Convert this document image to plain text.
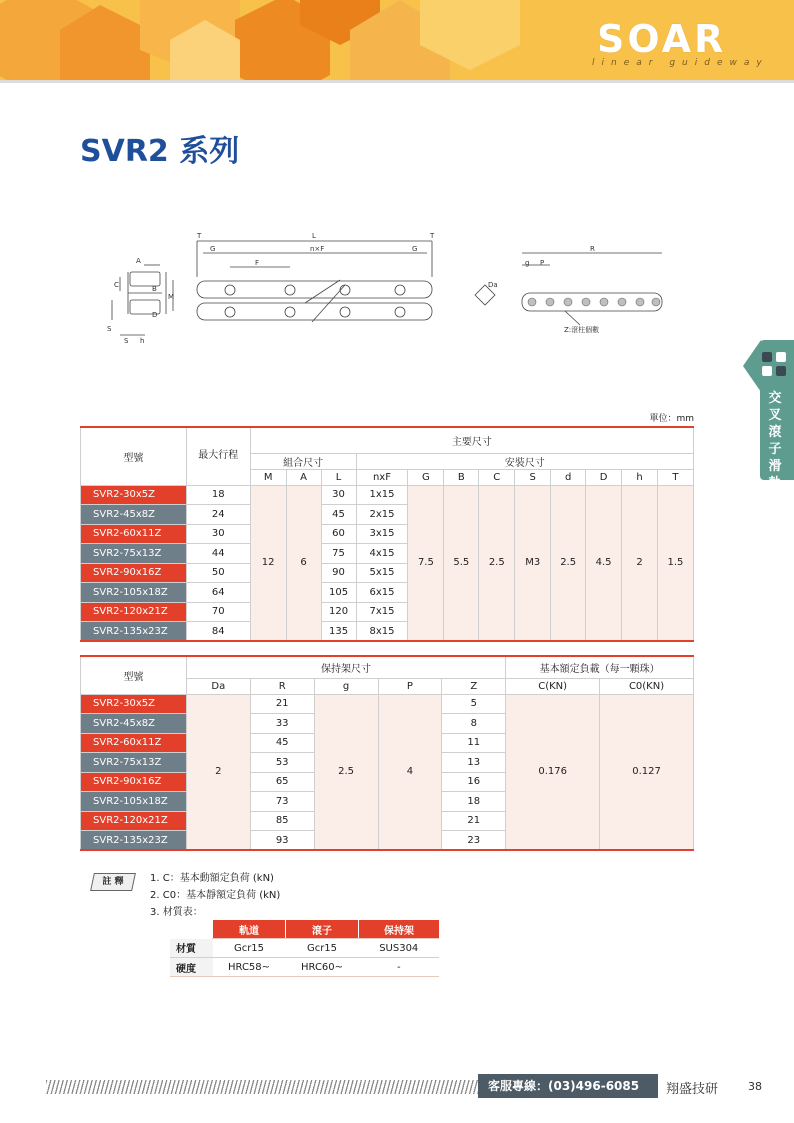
SOAR
linear guideway
SVR2 系列
交叉滾子滑軌
T	L	T
G	n×F	G
F
A
C	B
M
D
S
S h
Da
R
g P
Z:滾柱個數
單位：mm
型號	最大行程	主要尺寸											
		組合尺寸			安裝尺寸								
		M	A	L	nxF	G	B	C	S	d	D	h	T
SVR2-30x5Z	18	12	6	30	1x15	7.5	5.5	2.5	M3	2.5	4.5	2	1.5
SVR2-45x8Z	24			45	2x15								
SVR2-60x11Z	30			60	3x15								
SVR2-75x13Z	44			75	4x15								
SVR2-90x16Z	50			90	5x15								
SVR2-105x18Z	64			105	6x15								
SVR2-120x21Z	70			120	7x15								
SVR2-135x23Z	84			135	8x15								
型號	保持架尺寸					基本額定負載（每一顆珠）	
	Da	R	g	P	Z	C(KN)	C0(KN)
SVR2-30x5Z	2	21	2.5	4	5	0.176	0.127
SVR2-45x8Z		33			8		
SVR2-60x11Z		45			11		
SVR2-75x13Z		53			13		
SVR2-90x16Z		65			16		
SVR2-105x18Z		73			18		
SVR2-120x21Z		85			21		
SVR2-135x23Z		93			23		
註 釋	1. C：基本動額定負荷 (kN)
2. C0：基本靜額定負荷 (kN)
3. 材質表：
	軌道	滾子	保持架
材質	Gcr15	Gcr15	SUS304
硬度	HRC58~	HRC60~	-
客服專線：(03)496-6085	翔盛技研	38
